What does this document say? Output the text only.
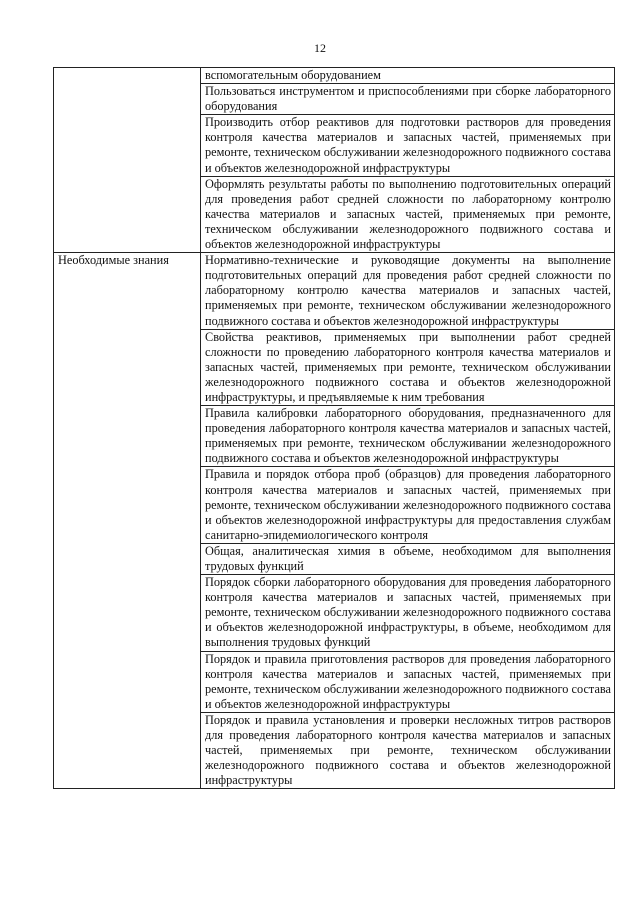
12
	вспомогательным оборудованием
	Пользоваться инструментом и приспособлениями при сборке лабораторного оборудования
	Производить отбор реактивов для подготовки растворов для проведения контроля качества материалов и запасных частей, применяемых при ремонте, техническом обслуживании железнодорожного подвижного состава и объектов железнодорожной инфраструктуры
	Оформлять результаты работы по выполнению подготовительных операций для проведения работ средней сложности по лабораторному контролю качества материалов и запасных частей, применяемых при ремонте, техническом обслуживании железнодорожного подвижного состава и объектов железнодорожной инфраструктуры
Необходимые знания	Нормативно-технические и руководящие документы на выполнение подготовительных операций для проведения работ средней сложности по лабораторному контролю качества материалов и запасных частей, применяемых при ремонте, техническом обслуживании железнодорожного подвижного состава и объектов железнодорожной инфраструктуры
	Свойства реактивов, применяемых при выполнении работ средней сложности по проведению лабораторного контроля качества материалов и запасных частей, применяемых при ремонте, техническом обслуживании железнодорожного подвижного состава и объектов железнодорожной инфраструктуры, и предъявляемые к ним требования
	Правила калибровки лабораторного оборудования, предназначенного для проведения лабораторного контроля качества материалов и запасных частей, применяемых при ремонте, техническом обслуживании железнодорожного подвижного состава и объектов железнодорожной инфраструктуры
	Правила и порядок отбора проб (образцов) для проведения лабораторного контроля качества материалов и запасных частей, применяемых при ремонте, техническом обслуживании железнодорожного подвижного состава и объектов железнодорожной инфраструктуры для предоставления службам санитарно-эпидемиологического контроля
	Общая, аналитическая химия в объеме, необходимом для выполнения трудовых функций
	Порядок сборки лабораторного оборудования для проведения лабораторного контроля качества материалов и запасных частей, применяемых при ремонте, техническом обслуживании железнодорожного подвижного состава и объектов железнодорожной инфраструктуры, в объеме, необходимом для выполнения трудовых функций
	Порядок и правила приготовления растворов для проведения лабораторного контроля качества материалов и запасных частей, применяемых при ремонте, техническом обслуживании железнодорожного подвижного состава и объектов железнодорожной инфраструктуры
	Порядок и правила установления и проверки несложных титров растворов для проведения лабораторного контроля качества материалов и запасных частей, применяемых при ремонте, техническом обслуживании железнодорожного подвижного состава и объектов железнодорожной инфраструктуры
